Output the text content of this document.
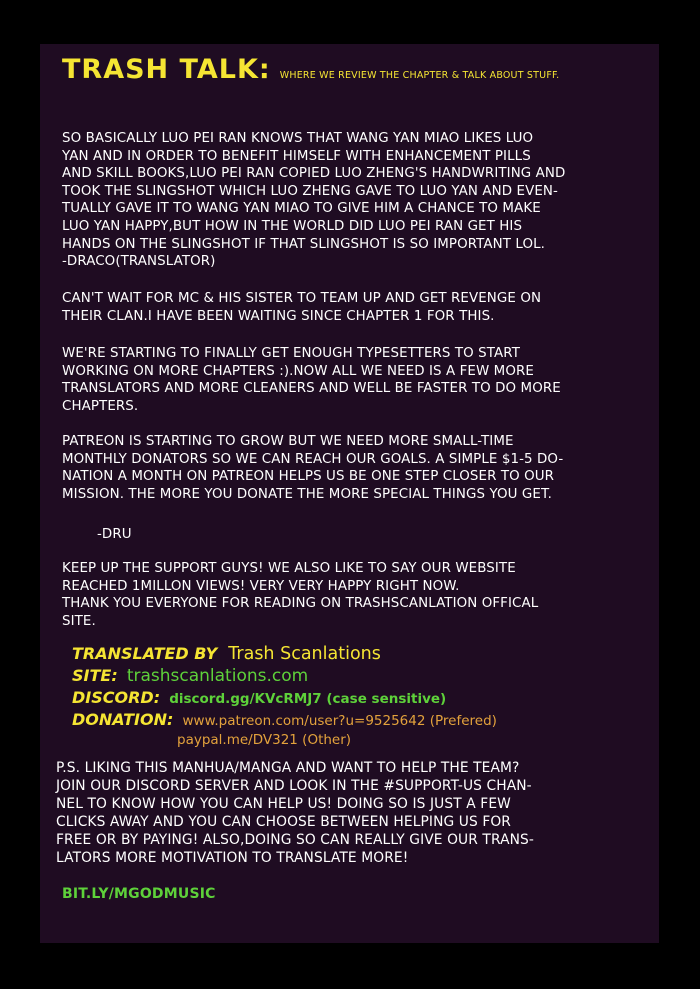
TRASH TALK: WHERE WE REVIEW THE CHAPTER & TALK ABOUT STUFF.
SO BASICALLY LUO PEI RAN KNOWS THAT WANG YAN MIAO LIKES LUO
YAN AND IN ORDER TO BENEFIT HIMSELF WITH ENHANCEMENT PILLS
AND SKILL BOOKS,LUO PEI RAN COPIED LUO ZHENG'S HANDWRITING AND
TOOK THE SLINGSHOT WHICH LUO ZHENG GAVE TO LUO YAN AND EVEN-
TUALLY GAVE IT TO WANG YAN MIAO TO GIVE HIM A CHANCE TO MAKE
LUO YAN HAPPY,BUT HOW IN THE WORLD DID LUO PEI RAN GET HIS
HANDS ON THE SLINGSHOT IF THAT SLINGSHOT IS SO IMPORTANT LOL.
-DRACO(TRANSLATOR)
CAN'T WAIT FOR MC & HIS SISTER TO TEAM UP AND GET REVENGE ON
THEIR CLAN.I HAVE BEEN WAITING SINCE CHAPTER 1 FOR THIS.
WE'RE STARTING TO FINALLY GET ENOUGH TYPESETTERS TO START
WORKING ON MORE CHAPTERS :).NOW ALL WE NEED IS A FEW MORE
TRANSLATORS AND MORE CLEANERS AND WELL BE FASTER TO DO MORE
CHAPTERS.
PATREON IS STARTING TO GROW BUT WE NEED MORE SMALL-TIME
MONTHLY DONATORS SO WE CAN REACH OUR GOALS. A SIMPLE $1-5 DO-
NATION A MONTH ON PATREON HELPS US BE ONE STEP CLOSER TO OUR
MISSION. THE MORE YOU DONATE THE MORE SPECIAL THINGS YOU GET.
-DRU
KEEP UP THE SUPPORT GUYS! WE ALSO LIKE TO SAY OUR WEBSITE
REACHED 1MILLON VIEWS! VERY VERY HAPPY RIGHT NOW.
THANK YOU EVERYONE FOR READING ON TRASHSCANLATION OFFICAL
SITE.
TRANSLATED BY Trash Scanlations
SITE: trashscanlations.com
DISCORD: discord.gg/KVcRMJ7 (case sensitive)
DONATION: www.patreon.com/user?u=9525642 (Prefered)
paypal.me/DV321 (Other)
P.S. LIKING THIS MANHUA/MANGA AND WANT TO HELP THE TEAM?
JOIN OUR DISCORD SERVER AND LOOK IN THE #SUPPORT-US CHAN-
NEL TO KNOW HOW YOU CAN HELP US! DOING SO IS JUST A FEW
CLICKS AWAY AND YOU CAN CHOOSE BETWEEN HELPING US FOR
FREE OR BY PAYING! ALSO,DOING SO CAN REALLY GIVE OUR TRANS-
LATORS MORE MOTIVATION TO TRANSLATE MORE!
BIT.LY/MGODMUSIC
